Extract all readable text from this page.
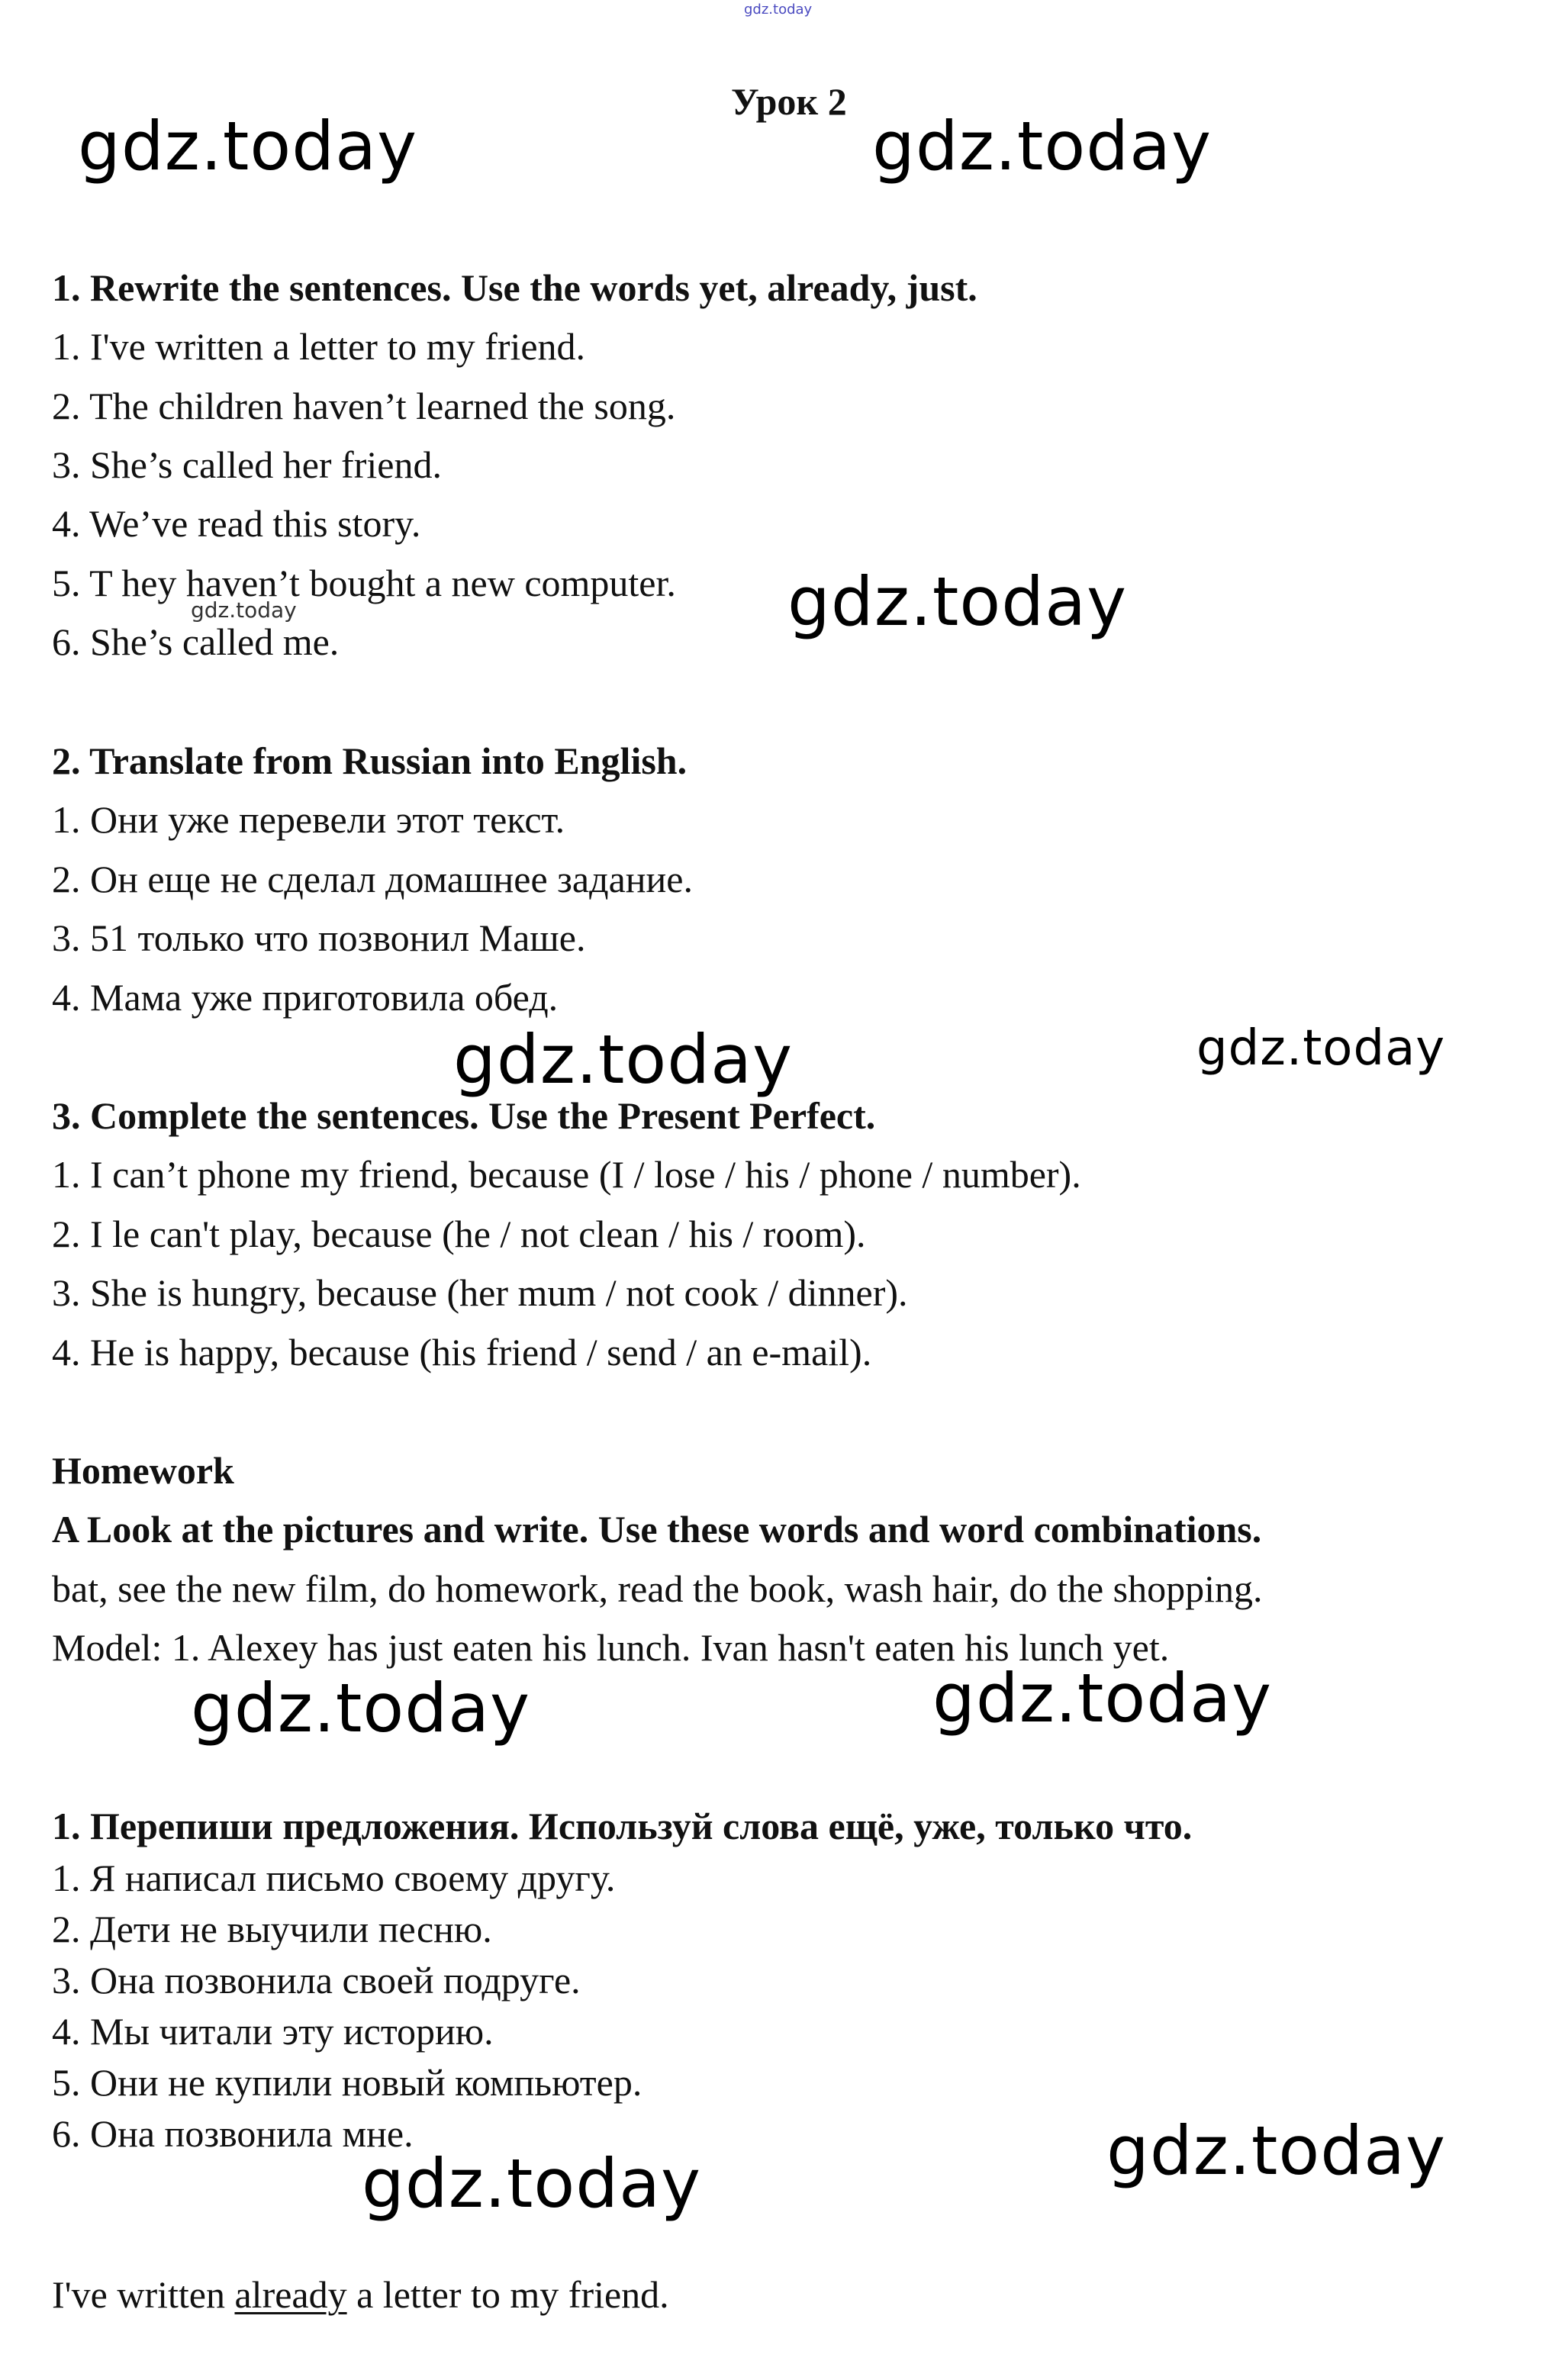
gdz.today
Урок 2
gdz.today	gdz.today
gdz.today
gdz.today	gdz.today
gdz.today	gdz.today
gdz.today
gdz.today
gdz.today
1. Rewrite the sentences. Use the words yet, already, just.
1. I've written a letter to my friend.
2. The children haven’t learned the song.
3. She’s called her friend.
4. We’ve read this story.
5. T hey haven’t bought a new computer.
6. She’s called me.
2. Translate from Russian into English.
1. Они уже перевели этот текст.
2. Он еще не сделал домашнее задание.
3. 51 только что позвонил Маше.
4. Мама уже приготовила обед.
3. Complete the sentences. Use the Present Perfect.
1. I can’t phone my friend, because (I / lose / his / phone / number).
2. I le can't play, because (he / not clean / his / room).
3. She is hungry, because (her mum / not cook / dinner).
4. He is happy, because (his friend / send / an e-mail).
Homework
A Look at the pictures and write. Use these words and word combinations.
bat, see the new film, do homework, read the book, wash hair, do the shopping.
Model: 1. Alexey has just eaten his lunch. Ivan hasn't eaten his lunch yet.
1. Перепиши предложения. Используй слова ещё, уже, только что.
1. Я написал письмо своему другу.
2. Дети не выучили песню.
3. Она позвонила своей подруге.
4. Мы читали эту историю.
5. Они не купили новый компьютер.
6. Она позвонила мне.
I've written already a letter to my friend.
